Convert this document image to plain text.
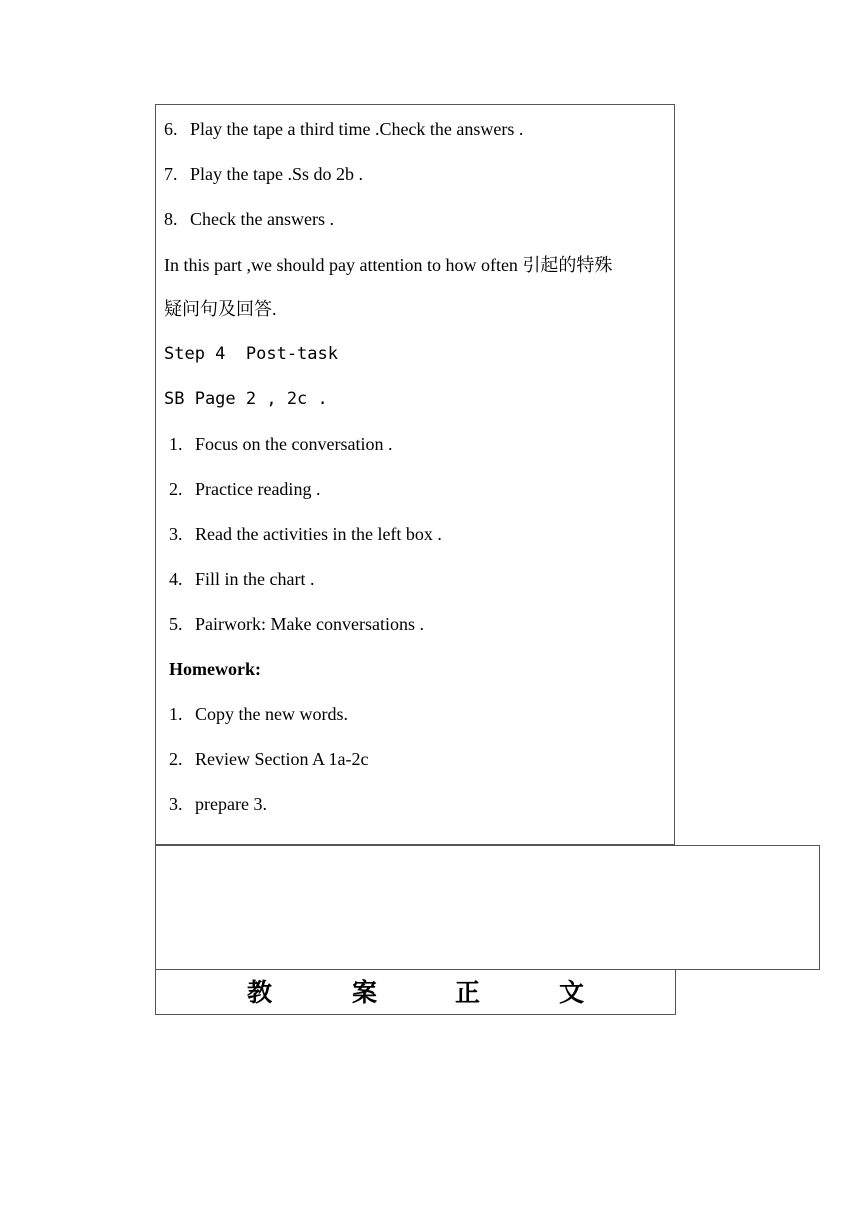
6. Play the tape a third time .Check the answers .
7. Play the tape .Ss do 2b .
8. Check the answers .
In this part ,we should pay attention to how often 引起的特殊
疑问句及回答.
Step 4  Post-task
SB Page 2 , 2c .
1. Focus on the conversation .
2. Practice reading .
3. Read the activities in the left box .
4. Fill in the chart .
5. Pairwork: Make conversations .
Homework:
1. Copy the new words.
2. Review Section A 1a-2c
3. prepare 3.
教	案	正	文
